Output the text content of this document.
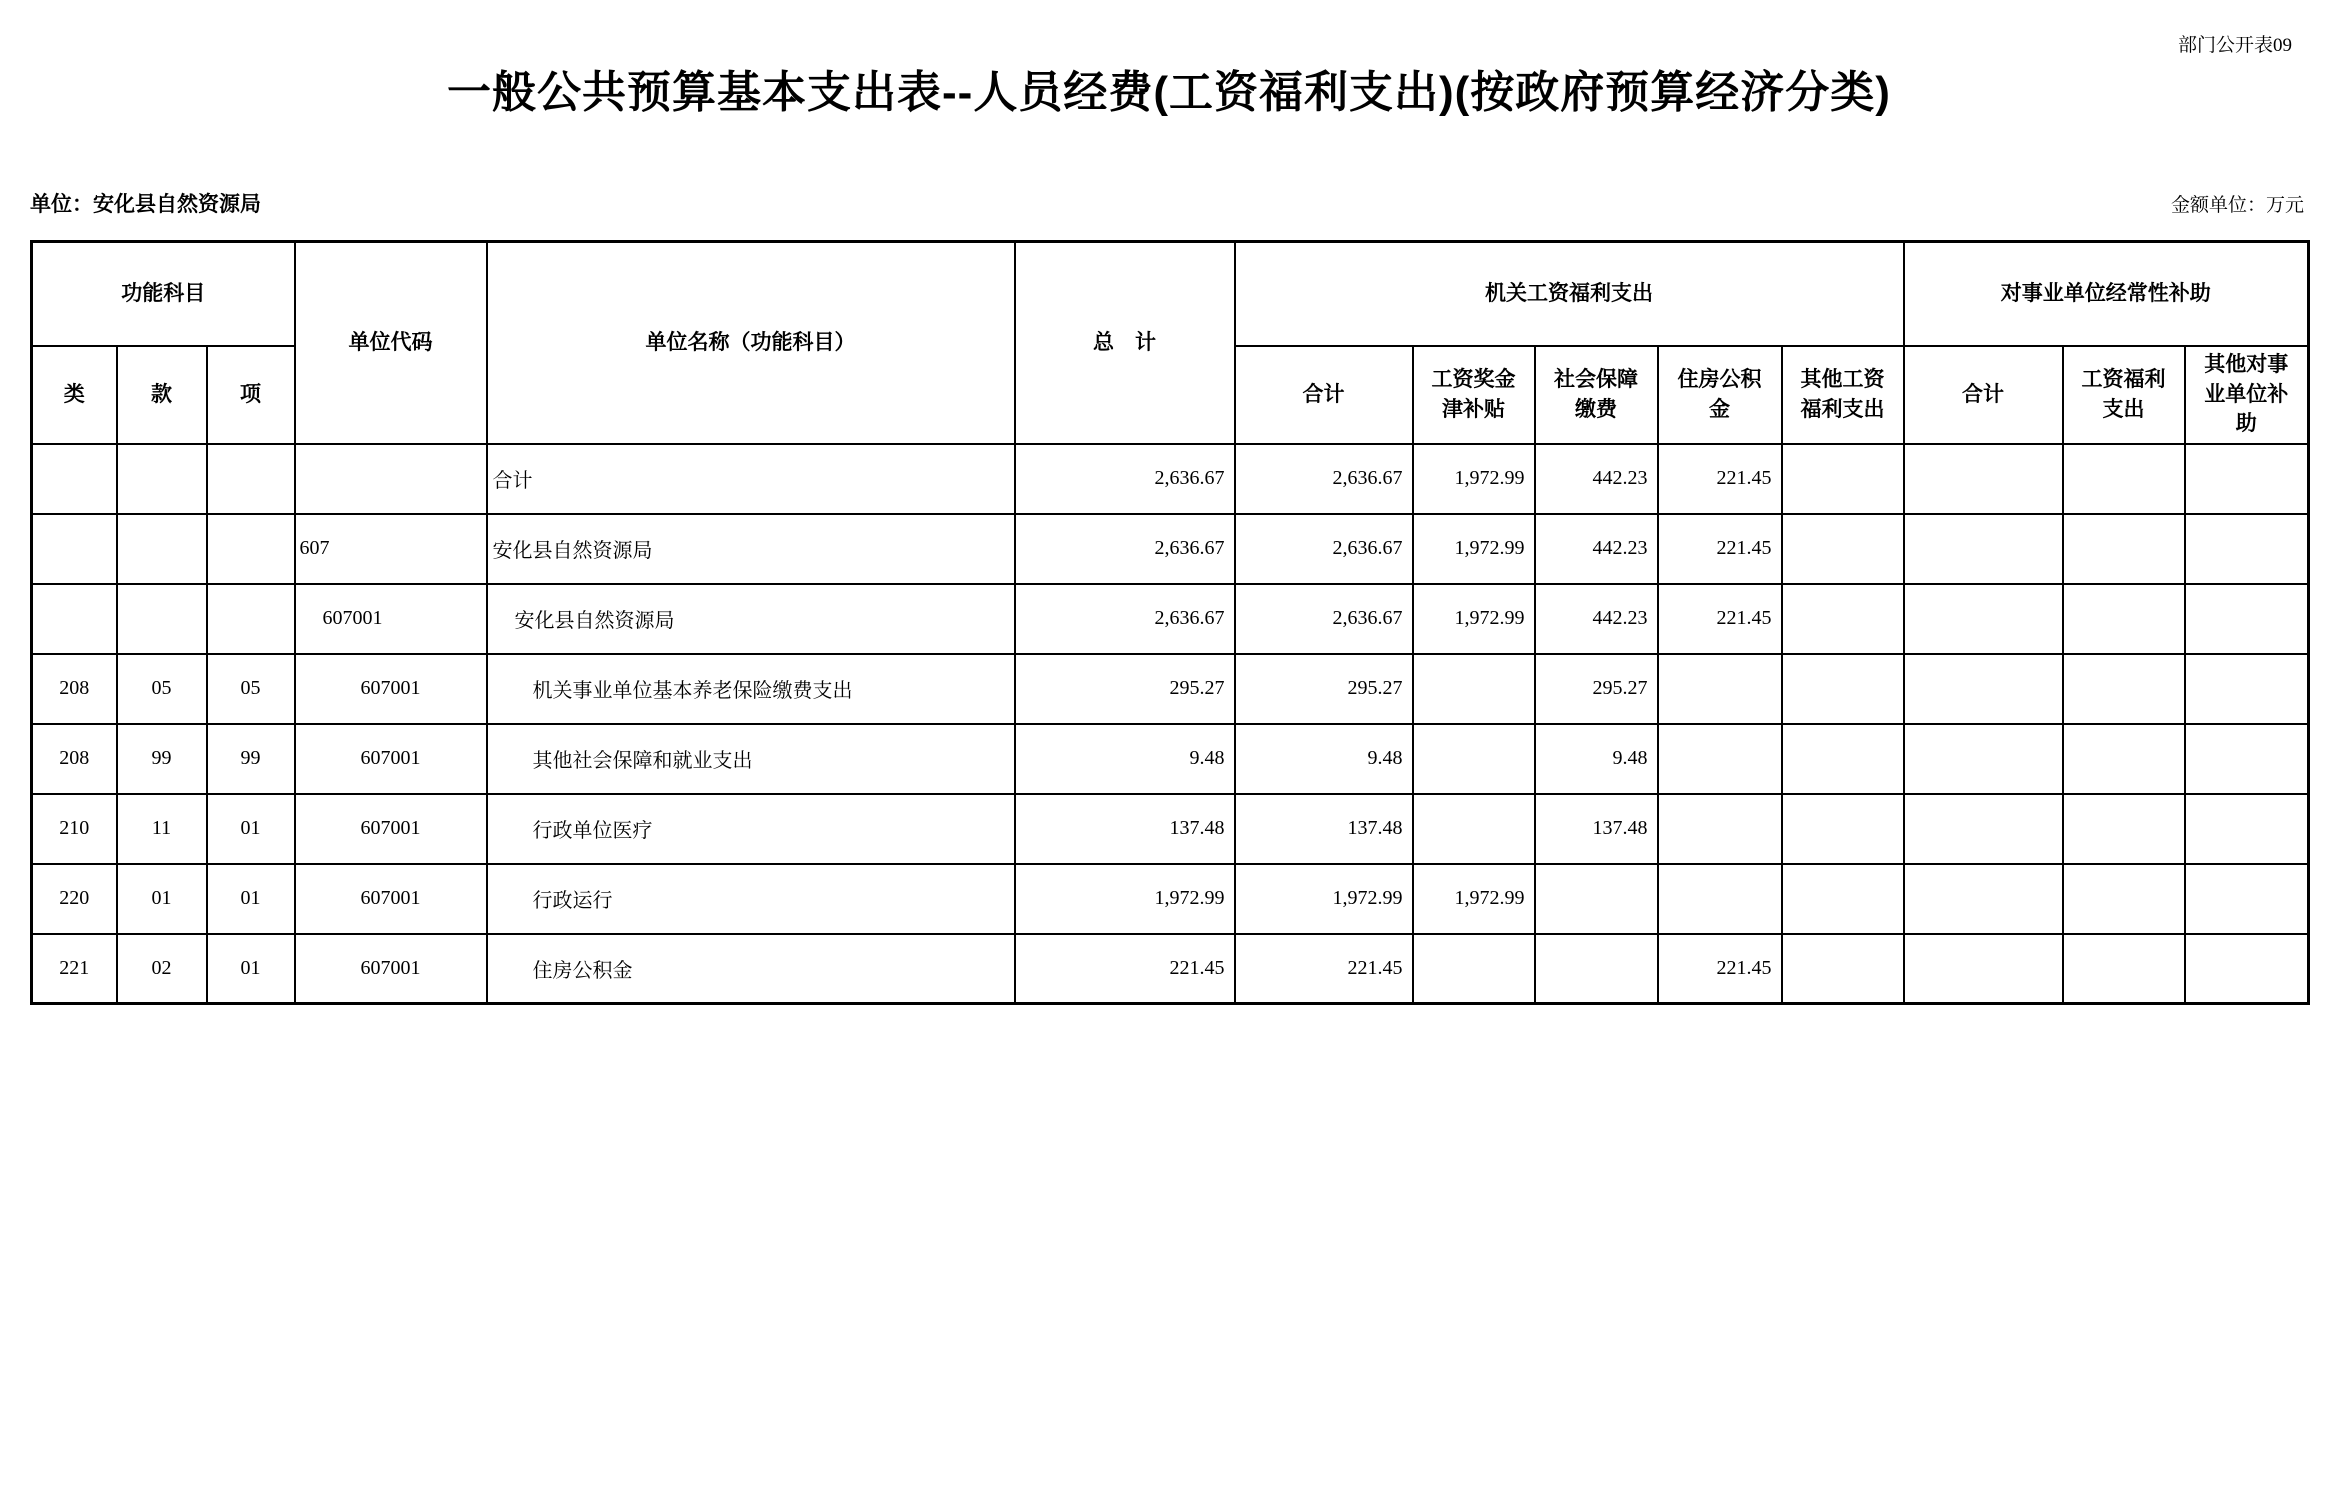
部门公开表09
一般公共预算基本支出表--人员经费(工资福利支出)(按政府预算经济分类)
单位：安化县自然资源局	金额单位：万元
功能科目			单位代码	单位名称（功能科目）	总　计	机关工资福利支出					对事业单位经常性补助		
类	款	项				合计	工资奖金津补贴	社会保障缴费	住房公积金	其他工资福利支出	合计	工资福利支出	其他对事业单位补助
				合计	2,636.67	2,636.67	1,972.99	442.23	221.45				
			607	安化县自然资源局	2,636.67	2,636.67	1,972.99	442.23	221.45				
			607001	安化县自然资源局	2,636.67	2,636.67	1,972.99	442.23	221.45				
208	05	05	607001	机关事业单位基本养老保险缴费支出	295.27	295.27		295.27					
208	99	99	607001	其他社会保障和就业支出	9.48	9.48		9.48					
210	11	01	607001	行政单位医疗	137.48	137.48		137.48					
220	01	01	607001	行政运行	1,972.99	1,972.99	1,972.99						
221	02	01	607001	住房公积金	221.45	221.45			221.45				
